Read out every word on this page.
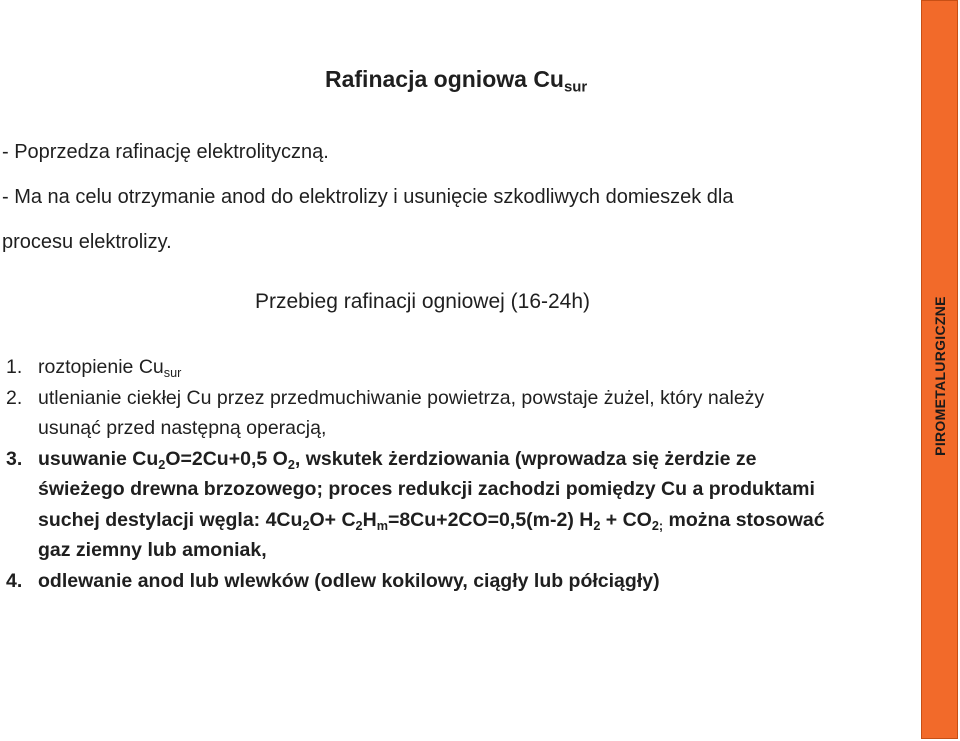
Rafinacja ogniowa $Cu_{sur}$
- Poprzedza rafinację elektrolityczną.
- Ma na celu otrzymanie anod do elektrolizy i usunięcie szkodliwych domieszek dla
procesu elektrolizy.
Przebieg rafinacji ogniowej (16-24h)
1. roztopienie $Cu_{sur}$
2. utlenianie ciekłej Cu przez przedmuchiwanie powietrza, powstaje żużel, który należy
usunąć przed następną operacją,
3. usuwanie $Cu_2O=2Cu+0,5$ $O_2$, wskutek żerdziowania (wprowadza się żerdzie ze
świeżego drewna brzozowego; proces redukcji zachodzi pomiędzy Cu a produktami
suchej destylacji węgla: $4Cu_2O+ C_2H_m=8Cu+2CO=0,5(m-2) H_2 + CO_{2;}$ można stosować
gaz ziemny lub amoniak,
4. odlewanie anod lub wlewków (odlew kokilowy, ciągły lub półciągły)
PIROMETALURGICZNE
